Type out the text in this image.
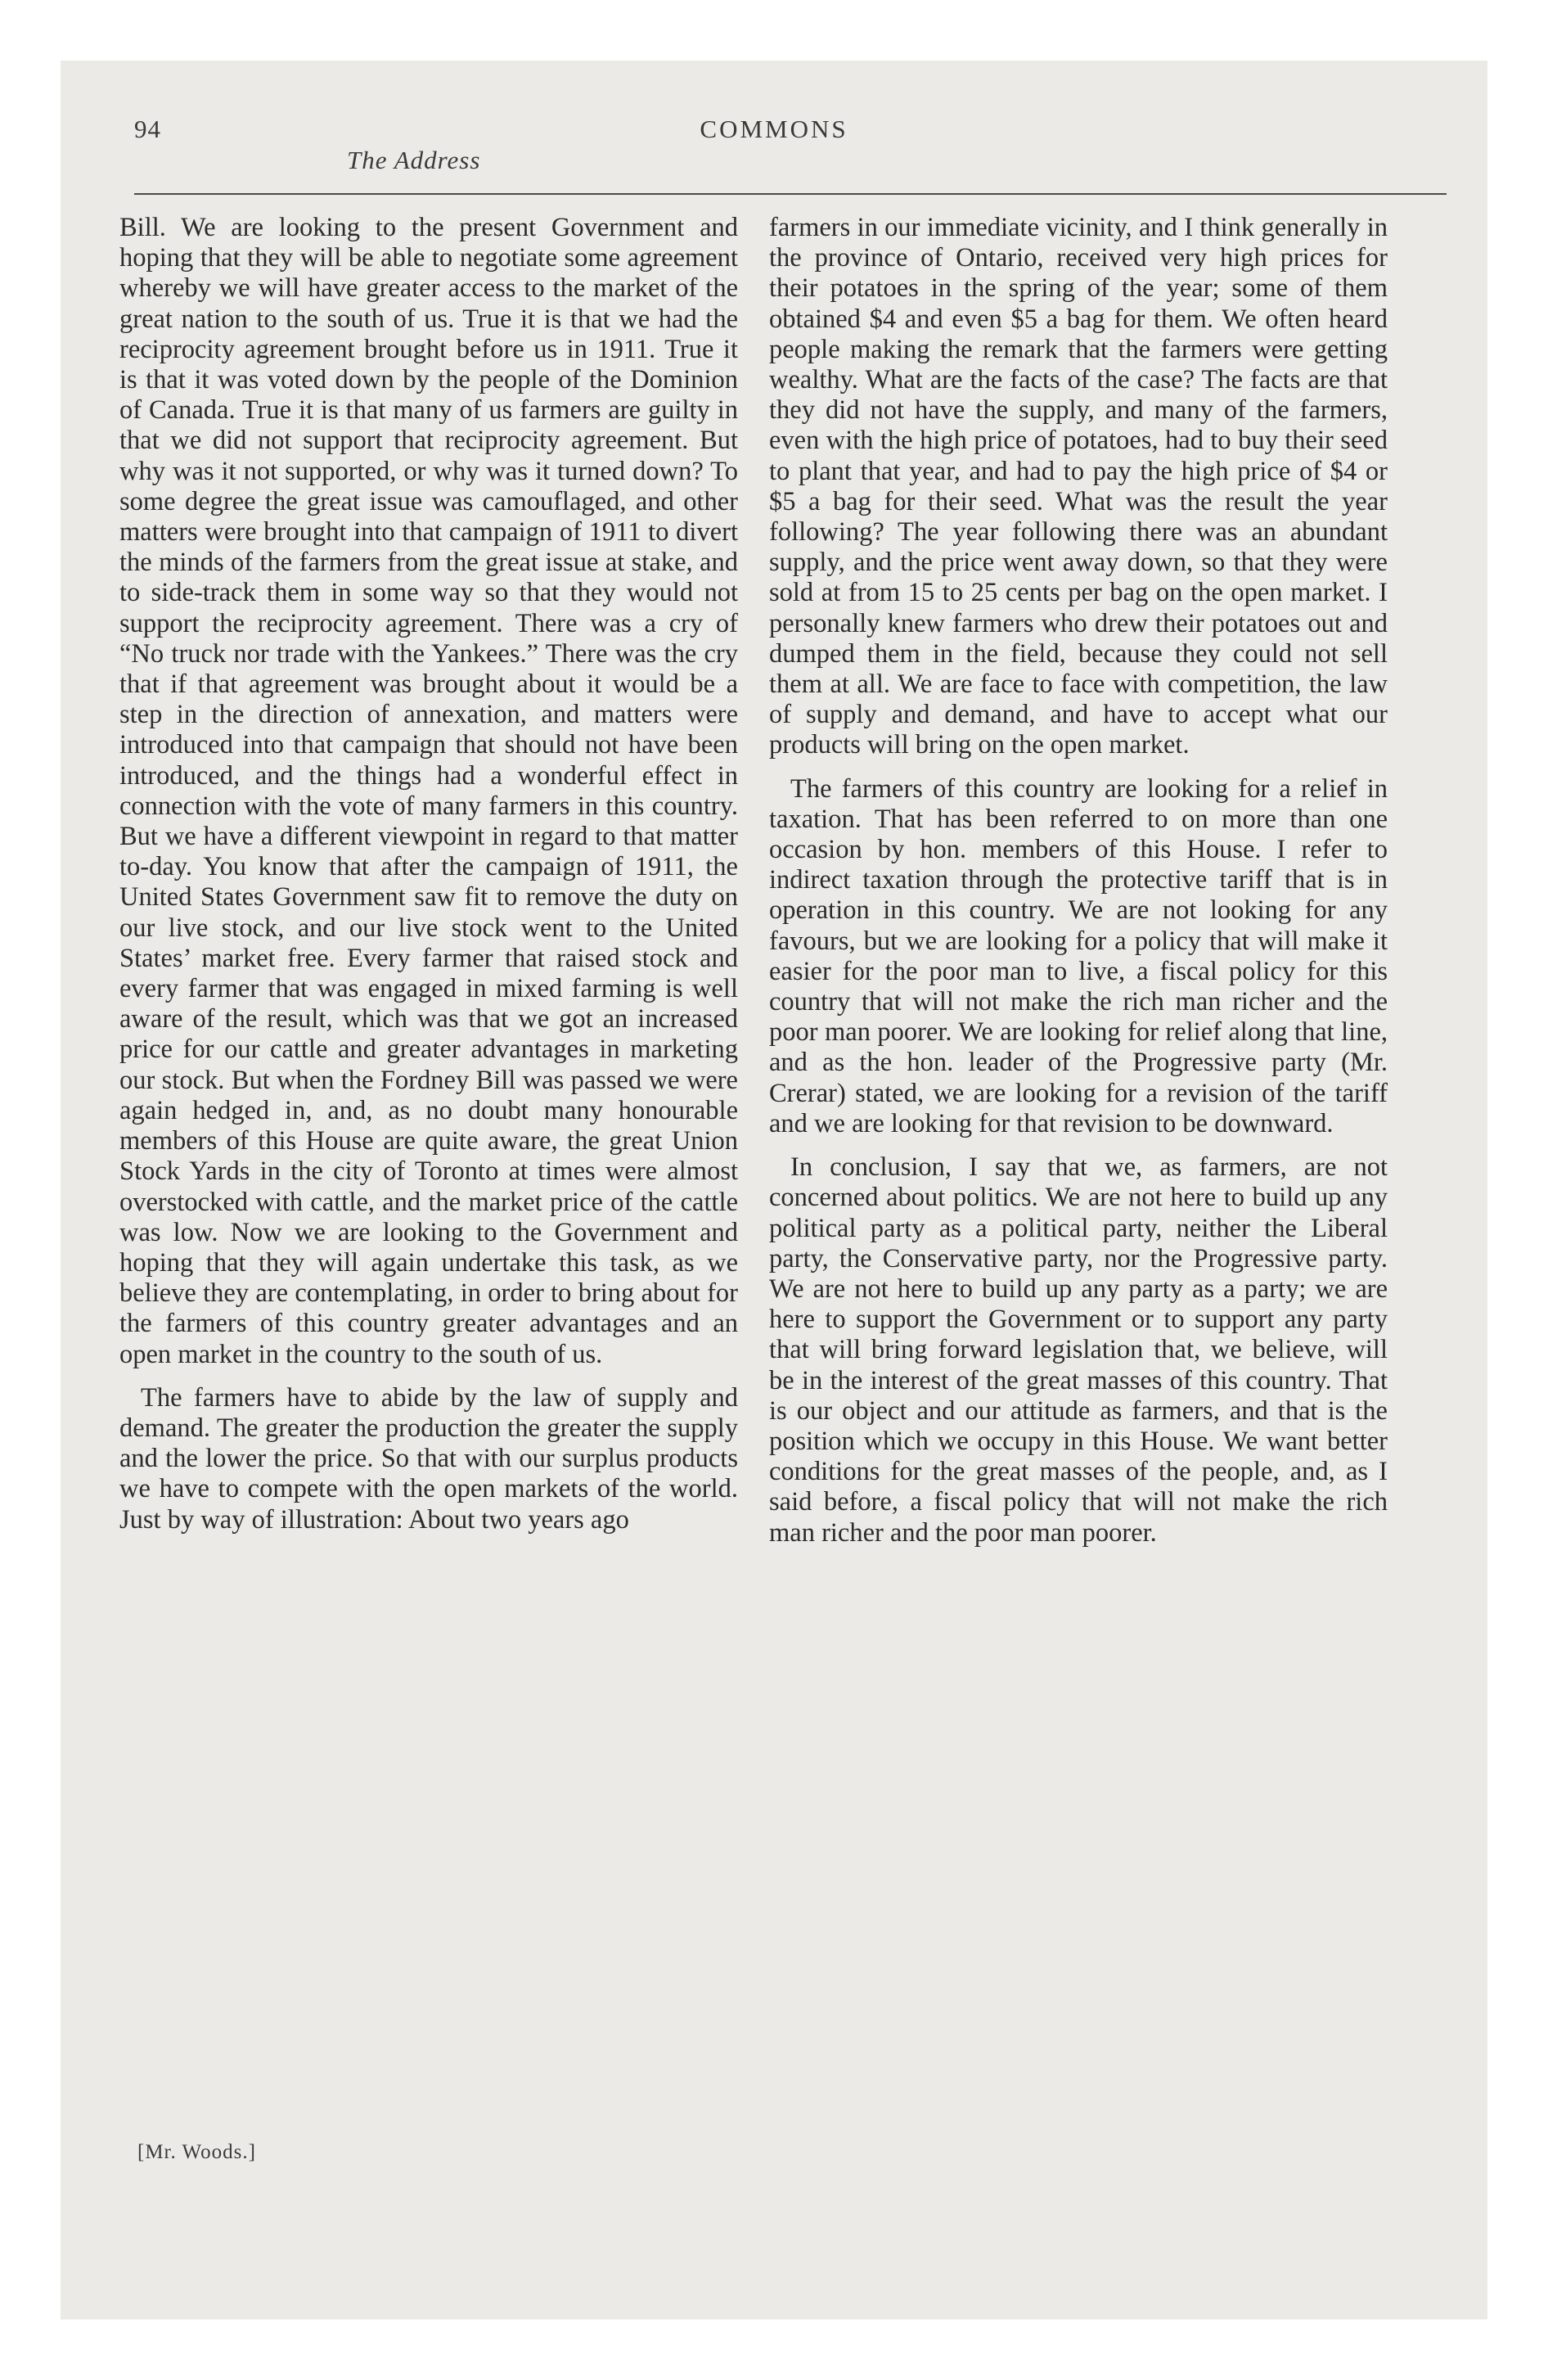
94	COMMONS
The Address

Bill. We are looking to the present Government and hoping that they will be able to negotiate some agreement whereby we will have greater access to the market of the great nation to the south of us. True it is that we had the reciprocity agreement brought before us in 1911. True it is that it was voted down by the people of the Dominion of Canada. True it is that many of us farmers are guilty in that we did not support that reciprocity agreement. But why was it not supported, or why was it turned down? To some degree the great issue was camouflaged, and other matters were brought into that campaign of 1911 to divert the minds of the farmers from the great issue at stake, and to side-track them in some way so that they would not support the reciprocity agreement. There was a cry of “No truck nor trade with the Yankees.” There was the cry that if that agreement was brought about it would be a step in the direction of annexation, and matters were introduced into that campaign that should not have been introduced, and the things had a wonderful effect in connection with the vote of many farmers in this country. But we have a different viewpoint in regard to that matter to-day. You know that after the campaign of 1911, the United States Government saw fit to remove the duty on our live stock, and our live stock went to the United States’ market free. Every farmer that raised stock and every farmer that was engaged in mixed farming is well aware of the result, which was that we got an increased price for our cattle and greater advantages in marketing our stock. But when the Fordney Bill was passed we were again hedged in, and, as no doubt many honourable members of this House are quite aware, the great Union Stock Yards in the city of Toronto at times were almost overstocked with cattle, and the market price of the cattle was low. Now we are looking to the Government and hoping that they will again undertake this task, as we believe they are contemplating, in order to bring about for the farmers of this country greater advantages and an open market in the country to the south of us.

The farmers have to abide by the law of supply and demand. The greater the production the greater the supply and the lower the price. So that with our surplus products we have to compete with the open markets of the world. Just by way of illustration: About two years ago

farmers in our immediate vicinity, and I think generally in the province of Ontario, received very high prices for their potatoes in the spring of the year; some of them obtained $4 and even $5 a bag for them. We often heard people making the remark that the farmers were getting wealthy. What are the facts of the case? The facts are that they did not have the supply, and many of the farmers, even with the high price of potatoes, had to buy their seed to plant that year, and had to pay the high price of $4 or $5 a bag for their seed. What was the result the year following? The year following there was an abundant supply, and the price went away down, so that they were sold at from 15 to 25 cents per bag on the open market. I personally knew farmers who drew their potatoes out and dumped them in the field, because they could not sell them at all. We are face to face with competition, the law of supply and demand, and have to accept what our products will bring on the open market.

The farmers of this country are looking for a relief in taxation. That has been referred to on more than one occasion by hon. members of this House. I refer to indirect taxation through the protective tariff that is in operation in this country. We are not looking for any favours, but we are looking for a policy that will make it easier for the poor man to live, a fiscal policy for this country that will not make the rich man richer and the poor man poorer. We are looking for relief along that line, and as the hon. leader of the Progressive party (Mr. Crerar) stated, we are looking for a revision of the tariff and we are looking for that revision to be downward.

In conclusion, I say that we, as farmers, are not concerned about politics. We are not here to build up any political party as a political party, neither the Liberal party, the Conservative party, nor the Progressive party. We are not here to build up any party as a party; we are here to support the Government or to support any party that will bring forward legislation that, we believe, will be in the interest of the great masses of this country. That is our object and our attitude as farmers, and that is the position which we occupy in this House. We want better conditions for the great masses of the people, and, as I said before, a fiscal policy that will not make the rich man richer and the poor man poorer.

[Mr. Woods.]
